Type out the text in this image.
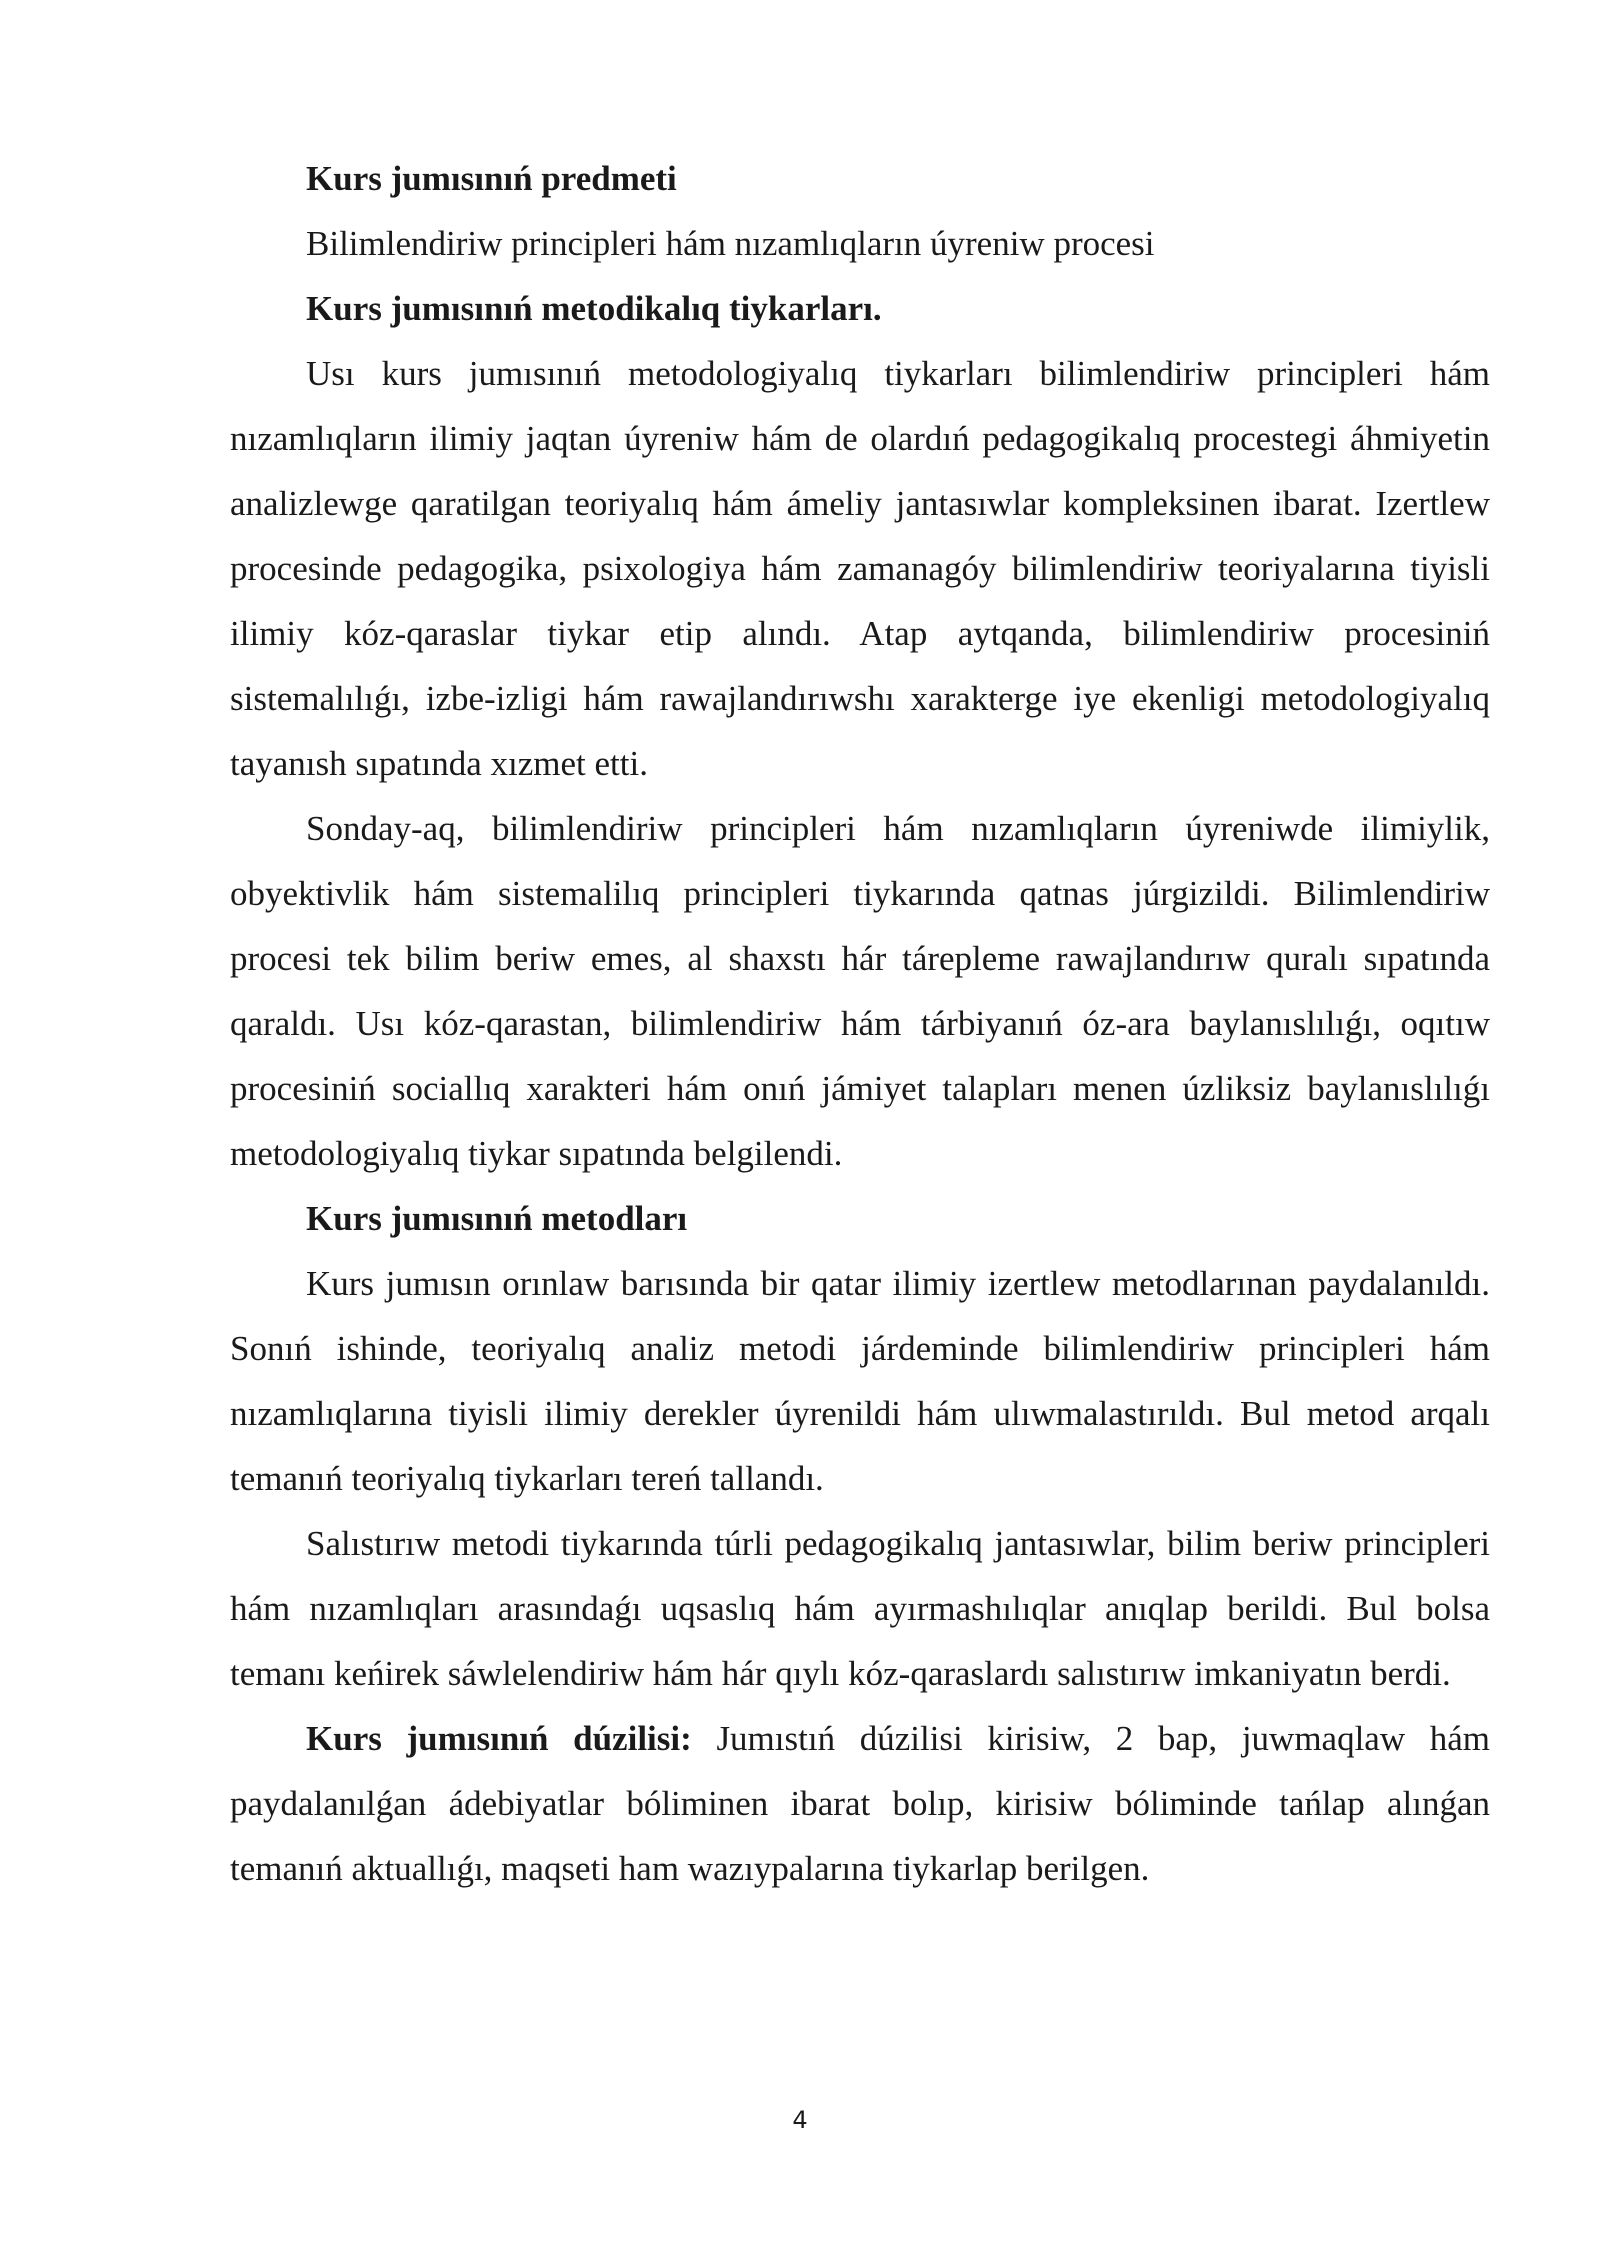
Kurs jumısınıń predmeti

Bilimlendiriw principleri hám nızamlıqların úyreniw procesi

Kurs jumısınıń metodikalıq tiykarları.

Usı kurs jumısınıń metodologiyalıq tiykarları bilimlendiriw principleri hám nızamlıqların ilimiy jaqtan úyreniw hám de olardıń pedagogikalıq procestegi áhmiyetin analizlewge qaratilgan teoriyalıq hám ámeliy jantasıwlar kompleksinen ibarat. Izertlew procesinde pedagogika, psixologiya hám zamanagóy bilimlendiriw teoriyalarına tiyisli ilimiy kóz-qaraslar tiykar etip alındı. Atap aytqanda, bilimlendiriw procesiniń sistemalılıǵı, izbe-izligi hám rawajlandırıwshı xarakterge iye ekenligi metodologiyalıq tayanısh sıpatında xızmet etti.

Sonday-aq, bilimlendiriw principleri hám nızamlıqların úyreniwde ilimiylik, obyektivlik hám sistemalilıq principleri tiykarında qatnas júrgizildi. Bilimlendiriw procesi tek bilim beriw emes, al shaxstı hár tárepleme rawajlandırıw quralı sıpatında qaraldı. Usı kóz-qarastan, bilimlendiriw hám tárbiyanıń óz-ara baylanıslılıǵı, oqıtıw procesiniń sociallıq xarakteri hám onıń jámiyet talapları menen úzliksiz baylanıslılıǵı metodologiyalıq tiykar sıpatında belgilendi.

Kurs jumısınıń metodları

Kurs jumısın orınlaw barısında bir qatar ilimiy izertlew metodlarınan paydalanıldı. Sonıń ishinde, teoriyalıq analiz metodi járdeminde bilimlendiriw principleri hám nızamlıqlarına tiyisli ilimiy derekler úyrenildi hám ulıwmalastırıldı. Bul metod arqalı temanıń teoriyalıq tiykarları tereń tallandı.

Salıstırıw metodi tiykarında túrli pedagogikalıq jantasıwlar, bilim beriw principleri hám nızamlıqları arasındaǵı uqsaslıq hám ayırmashılıqlar anıqlap berildi. Bul bolsa temanı keńirek sáwlelendiriw hám hár qıylı kóz-qaraslardı salıstırıw imkaniyatın berdi.

Kurs jumısınıń dúzilisi: Jumıstıń dúzilisi kirisiw, 2 bap, juwmaqlaw hám paydalanılǵan ádebiyatlar bóliminen ibarat bolıp, kirisiw bóliminde tańlap alınǵan temanıń aktuallıǵı, maqseti ham wazıypalarına tiykarlap berilgen.

4
